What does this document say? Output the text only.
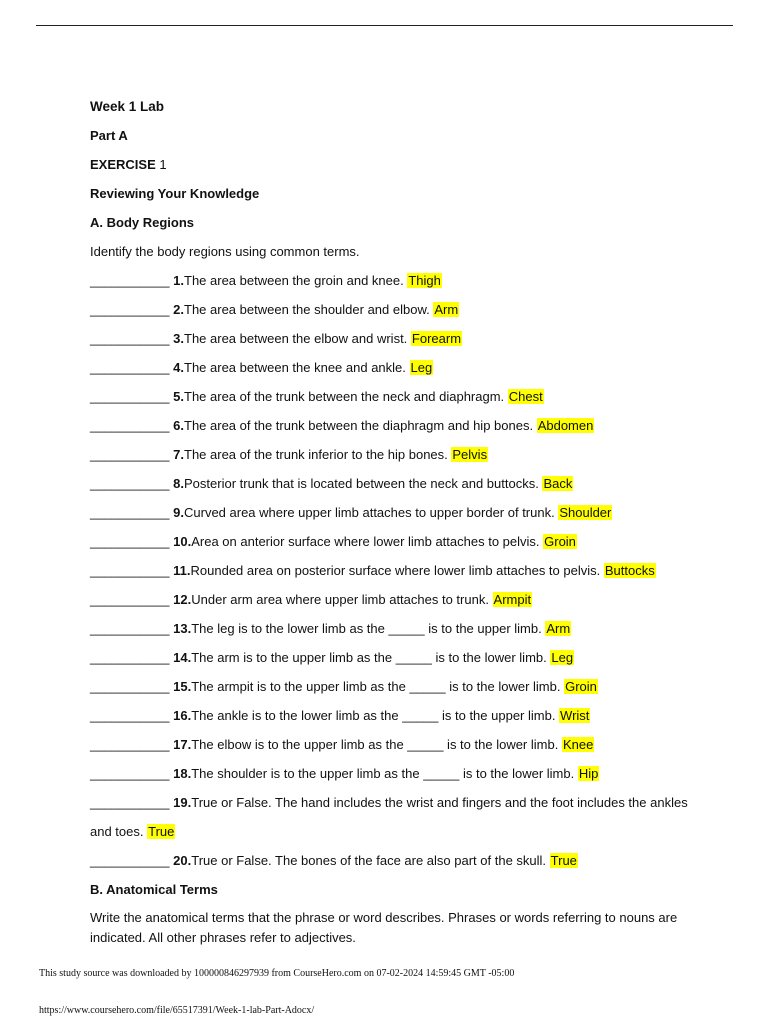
Week 1 Lab
Part A
EXERCISE 1
Reviewing Your Knowledge
A. Body Regions
Identify the body regions using common terms.
___________ 1.The area between the groin and knee. Thigh
___________ 2.The area between the shoulder and elbow. Arm
___________ 3.The area between the elbow and wrist. Forearm
___________ 4.The area between the knee and ankle. Leg
___________ 5.The area of the trunk between the neck and diaphragm. Chest
___________ 6.The area of the trunk between the diaphragm and hip bones. Abdomen
___________ 7.The area of the trunk inferior to the hip bones. Pelvis
___________ 8.Posterior trunk that is located between the neck and buttocks. Back
___________ 9.Curved area where upper limb attaches to upper border of trunk. Shoulder
___________ 10.Area on anterior surface where lower limb attaches to pelvis. Groin
___________ 11.Rounded area on posterior surface where lower limb attaches to pelvis. Buttocks
___________ 12.Under arm area where upper limb attaches to trunk. Armpit
___________ 13.The leg is to the lower limb as the _____ is to the upper limb. Arm
___________ 14.The arm is to the upper limb as the _____ is to the lower limb. Leg
___________ 15.The armpit is to the upper limb as the _____ is to the lower limb. Groin
___________ 16.The ankle is to the lower limb as the _____ is to the upper limb. Wrist
___________ 17.The elbow is to the upper limb as the _____ is to the lower limb. Knee
___________ 18.The shoulder is to the upper limb as the _____ is to the lower limb. Hip
___________ 19.True or False. The hand includes the wrist and fingers and the foot includes the ankles
and toes. True
___________ 20.True or False. The bones of the face are also part of the skull. True
B. Anatomical Terms
Write the anatomical terms that the phrase or word describes. Phrases or words referring to nouns are indicated. All other phrases refer to adjectives.
This study source was downloaded by 100000846297939 from CourseHero.com on 07-02-2024 14:59:45 GMT -05:00
https://www.coursehero.com/file/65517391/Week-1-lab-Part-Adocx/
